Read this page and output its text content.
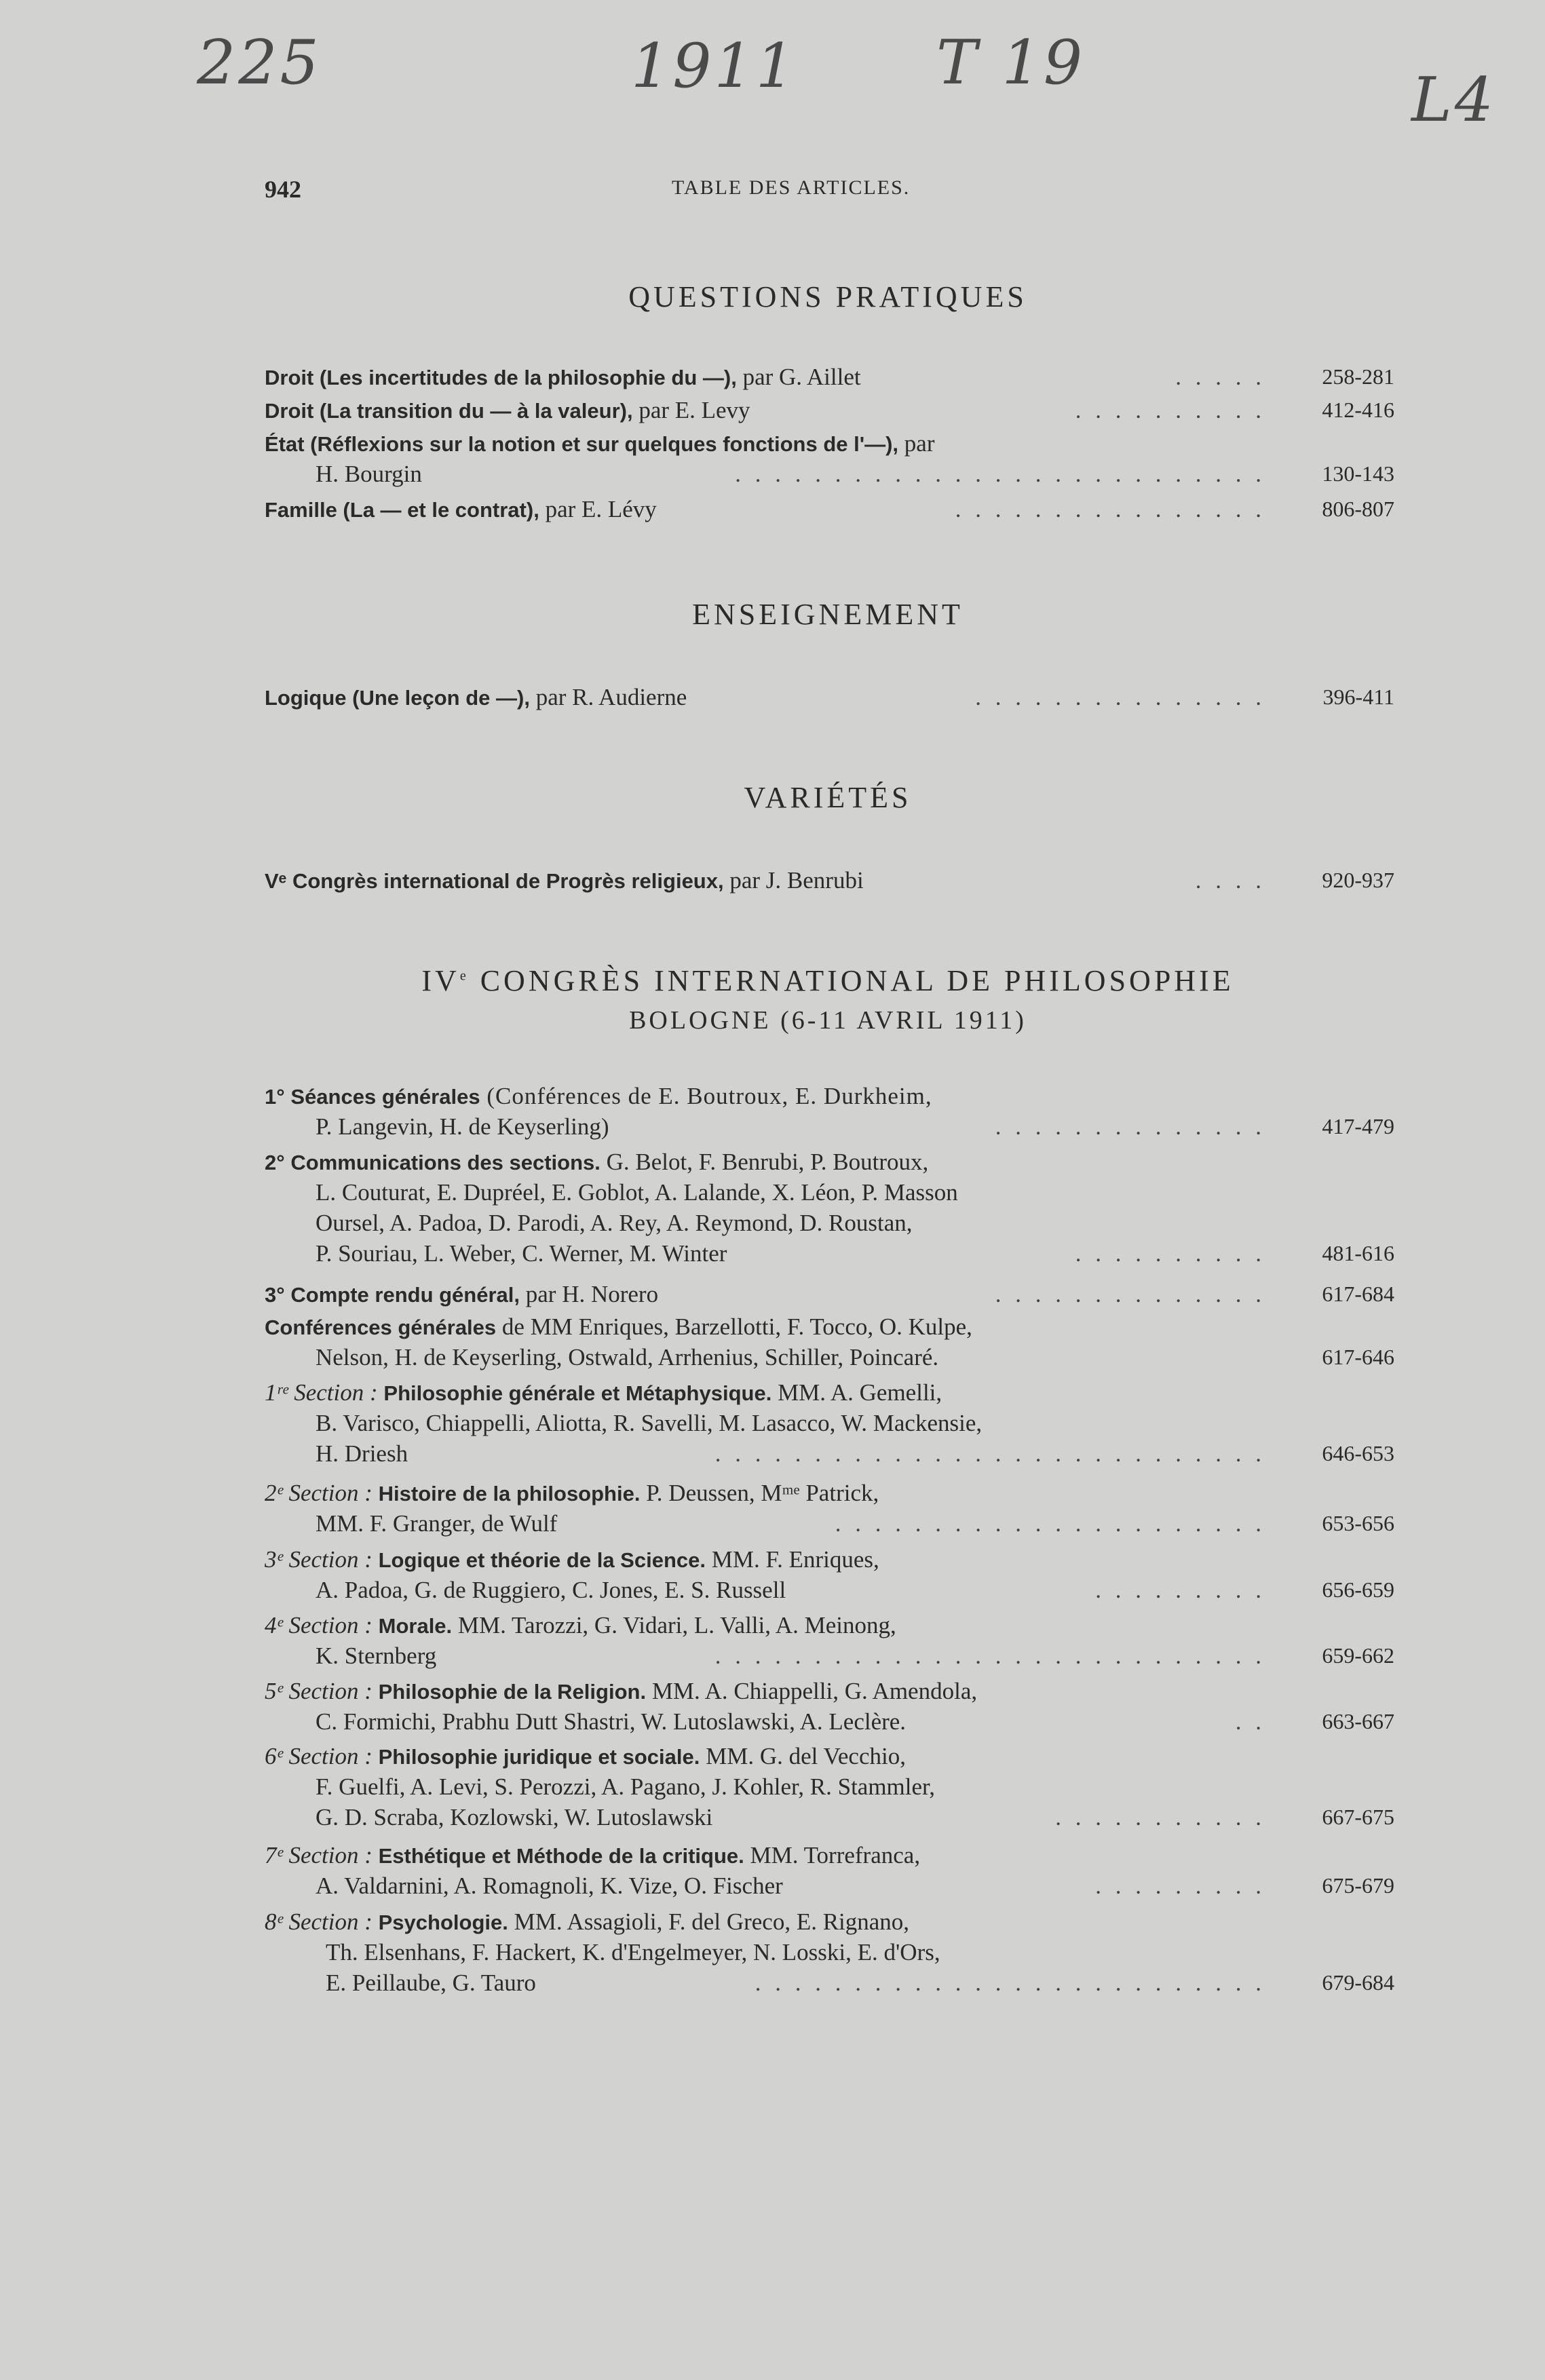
225	1911 T 19
L4
942	TABLE DES ARTICLES.
QUESTIONS PRATIQUES
Droit (Les incertitudes de la philosophie du —), par G. Aillet	. . . . .	258-281
Droit (La transition du — à la valeur), par E. Levy	. . . . . . . . . .	412-416
État (Réflexions sur la notion et sur quelques fonctions de l'—), par
H. Bourgin	. . . . . . . . . . . . . . . . . . . . . . . . . . .	130-143
Famille (La — et le contrat), par E. Lévy	. . . . . . . . . . . . . . . .	806-807
ENSEIGNEMENT
Logique (Une leçon de —), par R. Audierne	. . . . . . . . . . . . . . .	396-411
VARIÉTÉS
Vᵉ Congrès international de Progrès religieux, par J. Benrubi	. . . .	920-937
IVe CONGRÈS INTERNATIONAL DE PHILOSOPHIE
BOLOGNE (6-11 AVRIL 1911)
1° Séances générales (Conférences de E. Boutroux, E. Durkheim,
P. Langevin, H. de Keyserling)	. . . . . . . . . . . . . .	417-479
2° Communications des sections. G. Belot, F. Benrubi, P. Boutroux,
L. Couturat, E. Dupréel, E. Goblot, A. Lalande, X. Léon, P. Masson
Oursel, A. Padoa, D. Parodi, A. Rey, A. Reymond, D. Roustan,
P. Souriau, L. Weber, C. Werner, M. Winter	. . . . . . . . . .	481-616
3° Compte rendu général, par H. Norero	. . . . . . . . . . . . . .	617-684
Conférences générales de MM Enriques, Barzellotti, F. Tocco, O. Kulpe,
Nelson, H. de Keyserling, Ostwald, Arrhenius, Schiller, Poincaré.	617-646
1ʳᵉ Section : Philosophie générale et Métaphysique. MM. A. Gemelli,
B. Varisco, Chiappelli, Aliotta, R. Savelli, M. Lasacco, W. Mackensie,
H. Driesh	. . . . . . . . . . . . . . . . . . . . . . . . . . . .	646-653
2ᵉ Section : Histoire de la philosophie. P. Deussen, Mᵐᵉ Patrick,
MM. F. Granger, de Wulf	. . . . . . . . . . . . . . . . . . . . . .	653-656
3ᵉ Section : Logique et théorie de la Science. MM. F. Enriques,
A. Padoa, G. de Ruggiero, C. Jones, E. S. Russell	. . . . . . . . .	656-659
4ᵉ Section : Morale. MM. Tarozzi, G. Vidari, L. Valli, A. Meinong,
K. Sternberg	. . . . . . . . . . . . . . . . . . . . . . . . . . . .	659-662
5ᵉ Section : Philosophie de la Religion. MM. A. Chiappelli, G. Amendola,
C. Formichi, Prabhu Dutt Shastri, W. Lutoslawski, A. Leclère.	. .	663-667
6ᵉ Section : Philosophie juridique et sociale. MM. G. del Vecchio,
F. Guelfi, A. Levi, S. Perozzi, A. Pagano, J. Kohler, R. Stammler,
G. D. Scraba, Kozlowski, W. Lutoslawski	. . . . . . . . . . .	667-675
7ᵉ Section : Esthétique et Méthode de la critique. MM. Torrefranca,
A. Valdarnini, A. Romagnoli, K. Vize, O. Fischer	. . . . . . . . .	675-679
8ᵉ Section : Psychologie. MM. Assagioli, F. del Greco, E. Rignano,
Th. Elsenhans, F. Hackert, K. d'Engelmeyer, N. Losski, E. d'Ors,
E. Peillaube, G. Tauro	. . . . . . . . . . . . . . . . . . . . . . . . . .	679-684
